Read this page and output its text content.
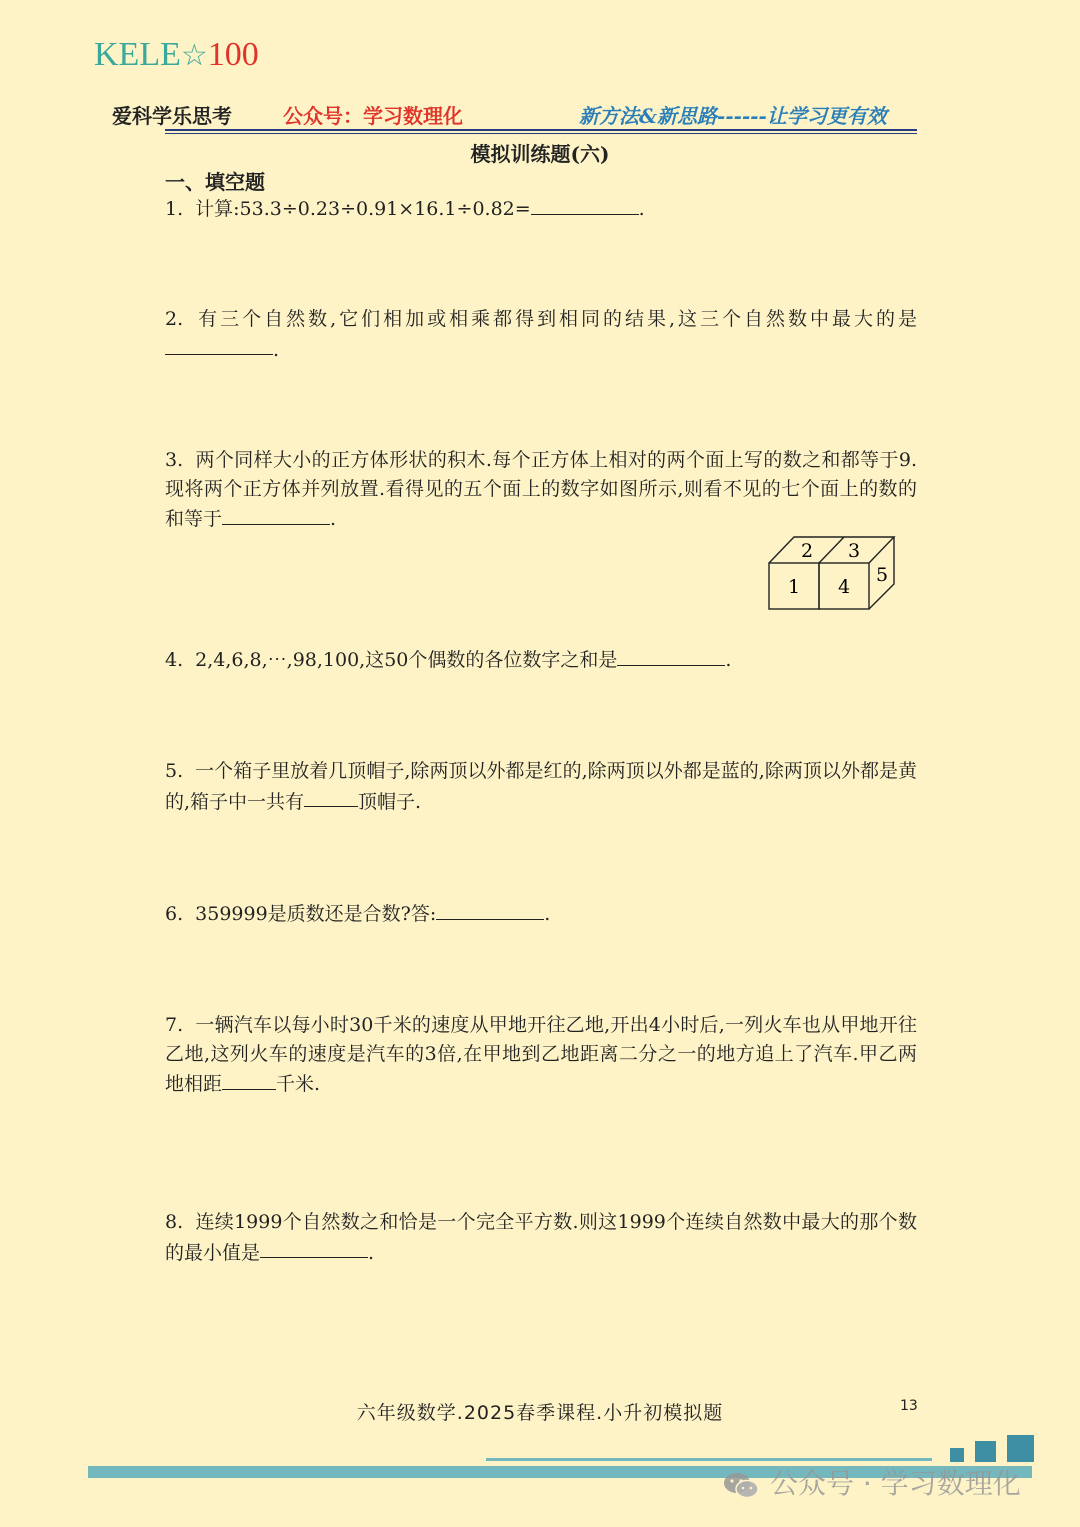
KELE☆100
爱科学乐思考	公众号：学习数理化	新方法&新思路------让学习更有效
模拟训练题(六)
一、填空题
1. 计算:53.3÷0.23÷0.91×16.1÷0.82=	.
2. 有三个自然数,它们相加或相乘都得到相同的结果,这三个自然数中最大的是.
3. 两个同样大小的正方体形状的积木.每个正方体上相对的两个面上写的数之和都等于9.现将两个正方体并列放置.看得见的五个面上的数字如图所示,则看不见的七个面上的数的和等于	.
2 3
1 4
5
4. 2,4,6,8,⋯,98,100,这50个偶数的各位数字之和是	.
5. 一个箱子里放着几顶帽子,除两顶以外都是红的,除两顶以外都是蓝的,除两顶以外都是黄的,箱子中一共有	顶帽子.
6. 359999是质数还是合数?答:	.
7. 一辆汽车以每小时30千米的速度从甲地开往乙地,开出4小时后,一列火车也从甲地开往乙地,这列火车的速度是汽车的3倍,在甲地到乙地距离二分之一的地方追上了汽车.甲乙两地相距	千米.
8. 连续1999个自然数之和恰是一个完全平方数.则这1999个连续自然数中最大的那个数的最小值是	.
六年级数学.2025春季课程.小升初模拟题	13
公众号 · 学习数理化
